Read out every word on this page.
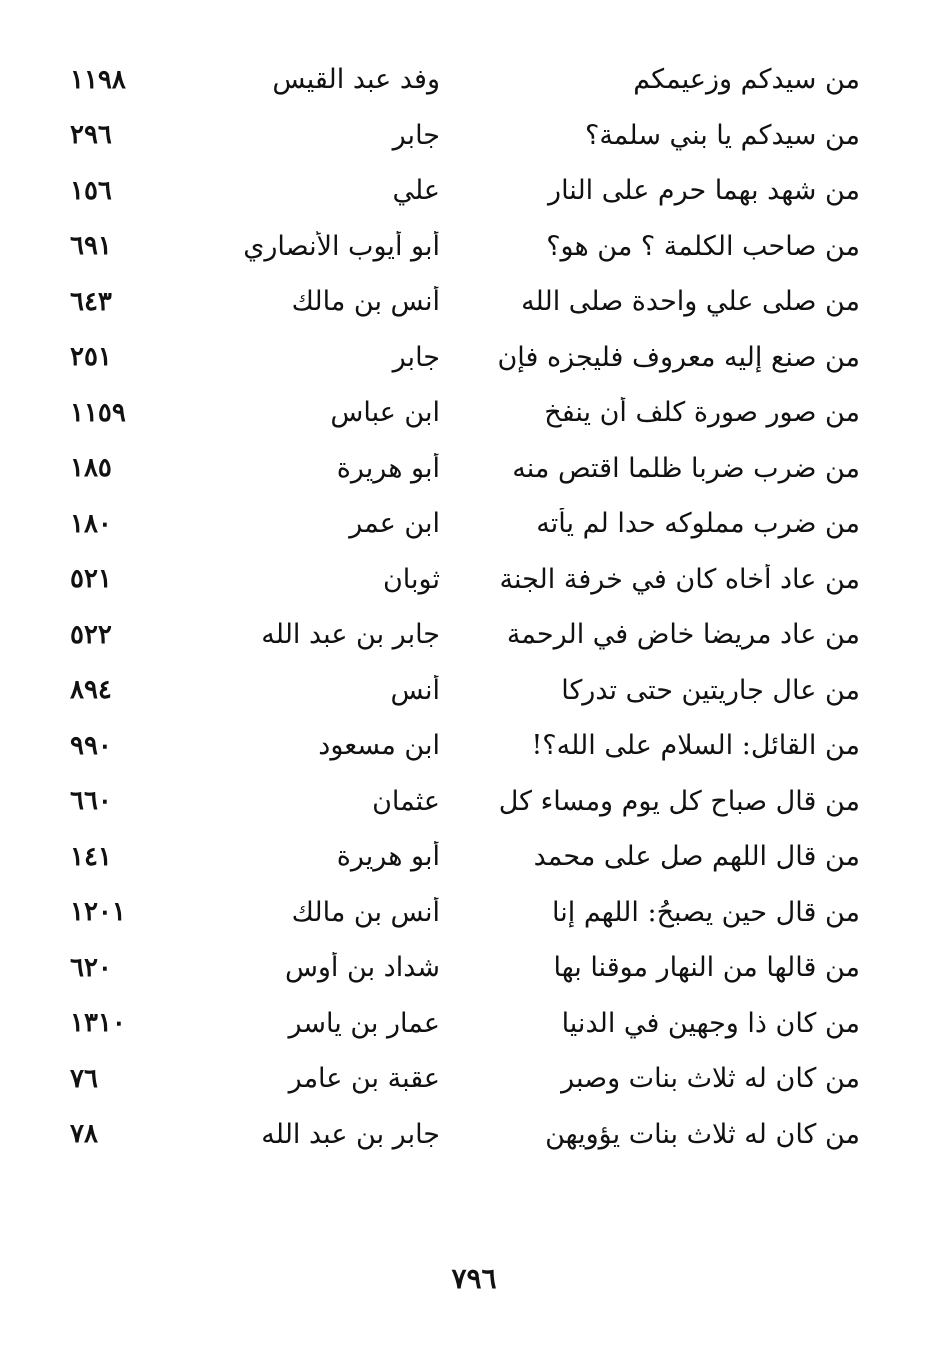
من سيدكم وزعيمكم
وفد عبد القيس
١١٩٨
من سيدكم يا بني سلمة؟
جابر
٢٩٦
من شهد بهما حرم على النار
علي
١٥٦
من صاحب الكلمة ؟ من هو؟
أبو أيوب الأنصاري
٦٩١
من صلى علي واحدة صلى الله
أنس بن مالك
٦٤٣
من صنع إليه معروف فليجزه فإن
جابر
٢٥١
من صور صورة كلف أن ينفخ
ابن عباس
١١٥٩
من ضرب ضربا ظلما اقتص منه
أبو هريرة
١٨٥
من ضرب مملوكه حدا لم يأته
ابن عمر
١٨٠
من عاد أخاه كان في خرفة الجنة
ثوبان
٥٢١
من عاد مريضا خاض في الرحمة
جابر بن عبد الله
٥٢٢
من عال جاريتين حتى تدركا
أنس
٨٩٤
من القائل: السلام على الله؟!
ابن مسعود
٩٩٠
من قال صباح كل يوم ومساء كل
عثمان
٦٦٠
من قال اللهم صل على محمد
أبو هريرة
١٤١
من قال حين يصبحُ: اللهم إنا
أنس بن مالك
١٢٠١
من قالها من النهار موقنا بها
شداد بن أوس
٦٢٠
من كان ذا وجهين في الدنيا
عمار بن ياسر
١٣١٠
من كان له ثلاث بنات وصبر
عقبة بن عامر
٧٦
من كان له ثلاث بنات يؤويهن
جابر بن عبد الله
٧٨
٧٩٦
